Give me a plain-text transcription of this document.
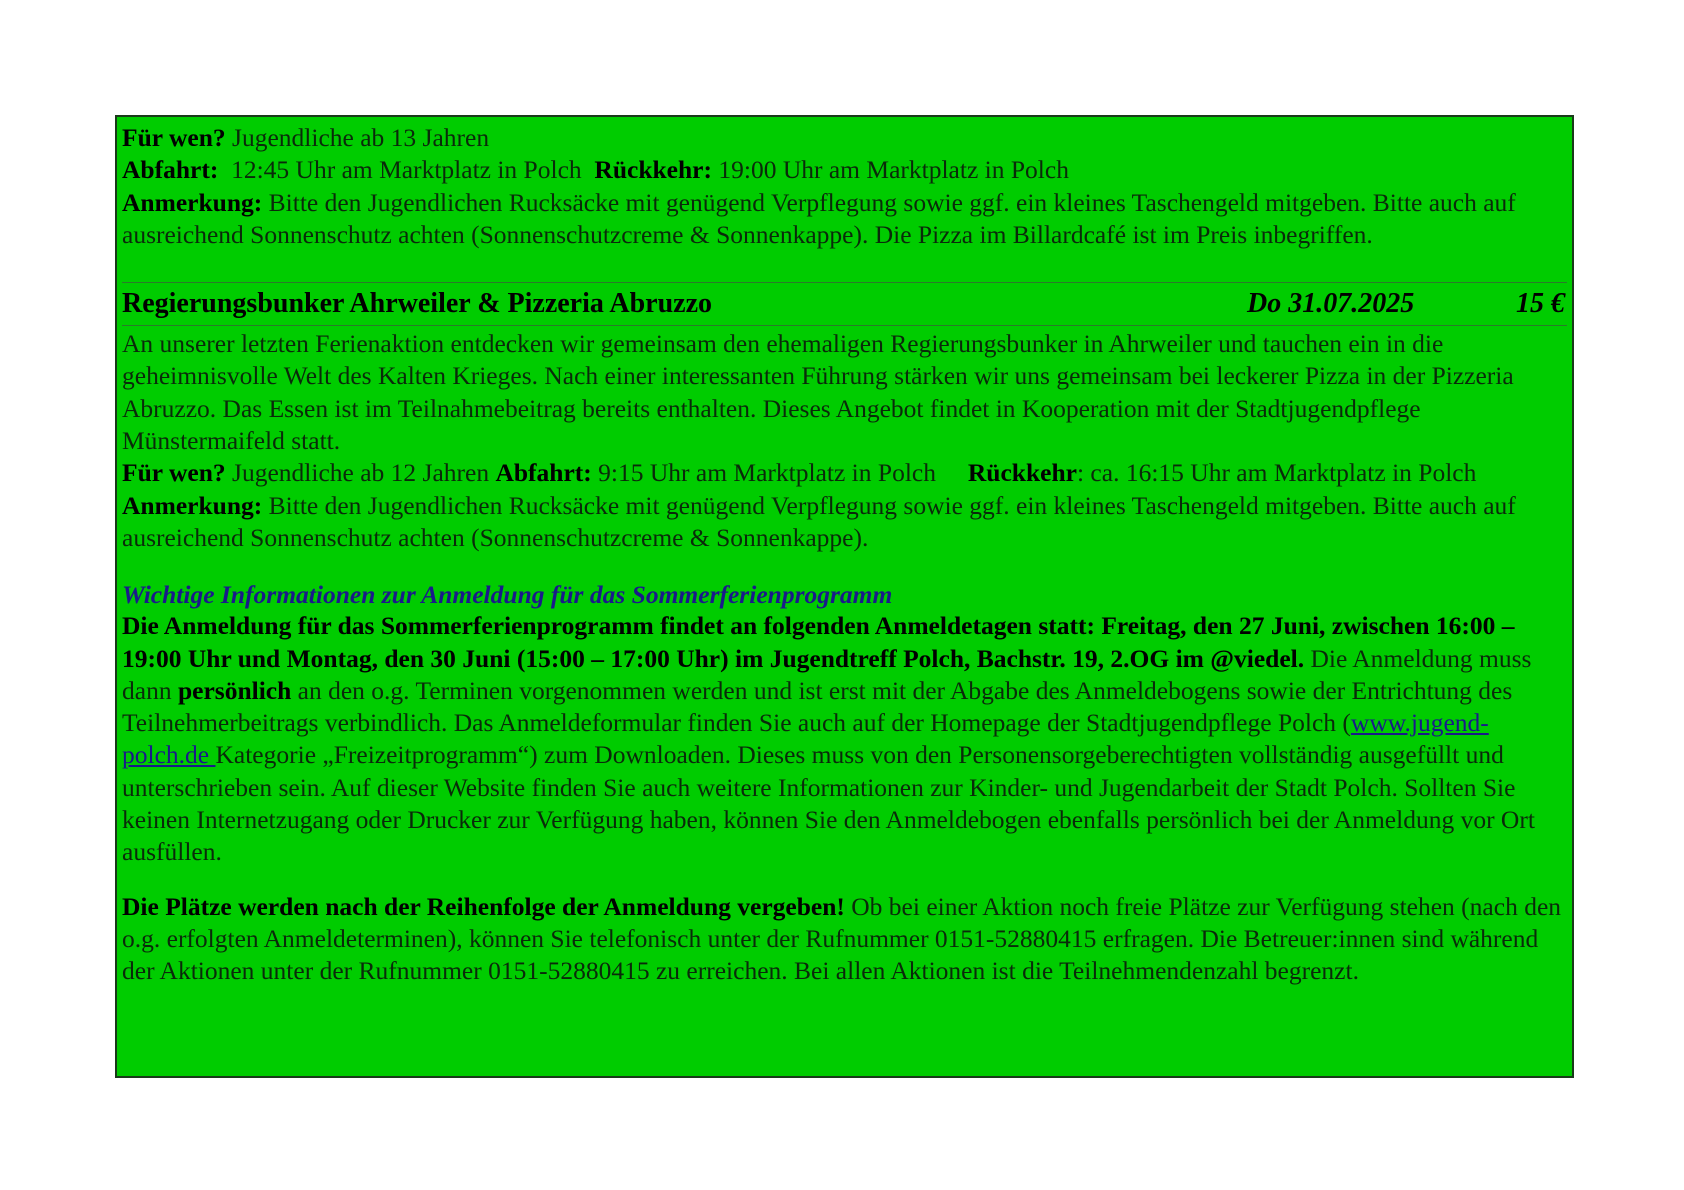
Für wen? Jugendliche ab 13 Jahren

Abfahrt:  12:45 Uhr am Marktplatz in Polch  Rückkehr: 19:00 Uhr am Marktplatz in Polch

Anmerkung: Bitte den Jugendlichen Rucksäcke mit genügend Verpflegung sowie ggf. ein kleines Taschengeld mitgeben. Bitte auch auf ausreichend Sonnenschutz achten (Sonnenschutzcreme & Sonnenkappe). Die Pizza im Billardcafé ist im Preis inbegriffen.

Regierungsbunker Ahrweiler & Pizzeria Abruzzo	Do 31.07.2025	15 €

An unserer letzten Ferienaktion entdecken wir gemeinsam den ehemaligen Regierungsbunker in Ahrweiler und tauchen ein in die geheimnisvolle Welt des Kalten Krieges. Nach einer interessanten Führung stärken wir uns gemeinsam bei leckerer Pizza in der Pizzeria Abruzzo. Das Essen ist im Teilnahmebeitrag bereits enthalten. Dieses Angebot findet in Kooperation mit der Stadtjugendpflege Münstermaifeld statt.

Für wen? Jugendliche ab 12 Jahren Abfahrt: 9:15 Uhr am Marktplatz in Polch     Rückkehr: ca. 16:15 Uhr am Marktplatz in Polch Anmerkung: Bitte den Jugendlichen Rucksäcke mit genügend Verpflegung sowie ggf. ein kleines Taschengeld mitgeben. Bitte auch auf ausreichend Sonnenschutz achten (Sonnenschutzcreme & Sonnenkappe).

Wichtige Informationen zur Anmeldung für das Sommerferienprogramm

Die Anmeldung für das Sommerferienprogramm findet an folgenden Anmeldetagen statt: Freitag, den 27 Juni, zwischen 16:00 – 19:00 Uhr und Montag, den 30 Juni (15:00 – 17:00 Uhr) im Jugendtreff Polch, Bachstr. 19, 2.OG im @viedel. Die Anmeldung muss dann persönlich an den o.g. Terminen vorgenommen werden und ist erst mit der Abgabe des Anmeldebogens sowie der Entrichtung des Teilnehmerbeitrags verbindlich. Das Anmeldeformular finden Sie auch auf der Homepage der Stadtjugendpflege Polch (www.jugend-polch.de Kategorie „Freizeitprogramm“) zum Downloaden. Dieses muss von den Personensorgeberechtigten vollständig ausgefüllt und unterschrieben sein. Auf dieser Website finden Sie auch weitere Informationen zur Kinder- und Jugendarbeit der Stadt Polch. Sollten Sie keinen Internetzugang oder Drucker zur Verfügung haben, können Sie den Anmeldebogen ebenfalls persönlich bei der Anmeldung vor Ort ausfüllen.

Die Plätze werden nach der Reihenfolge der Anmeldung vergeben! Ob bei einer Aktion noch freie Plätze zur Verfügung stehen (nach den o.g. erfolgten Anmeldeterminen), können Sie telefonisch unter der Rufnummer 0151-52880415 erfragen. Die Betreuer:innen sind während der Aktionen unter der Rufnummer 0151-52880415 zu erreichen. Bei allen Aktionen ist die Teilnehmendenzahl begrenzt.
